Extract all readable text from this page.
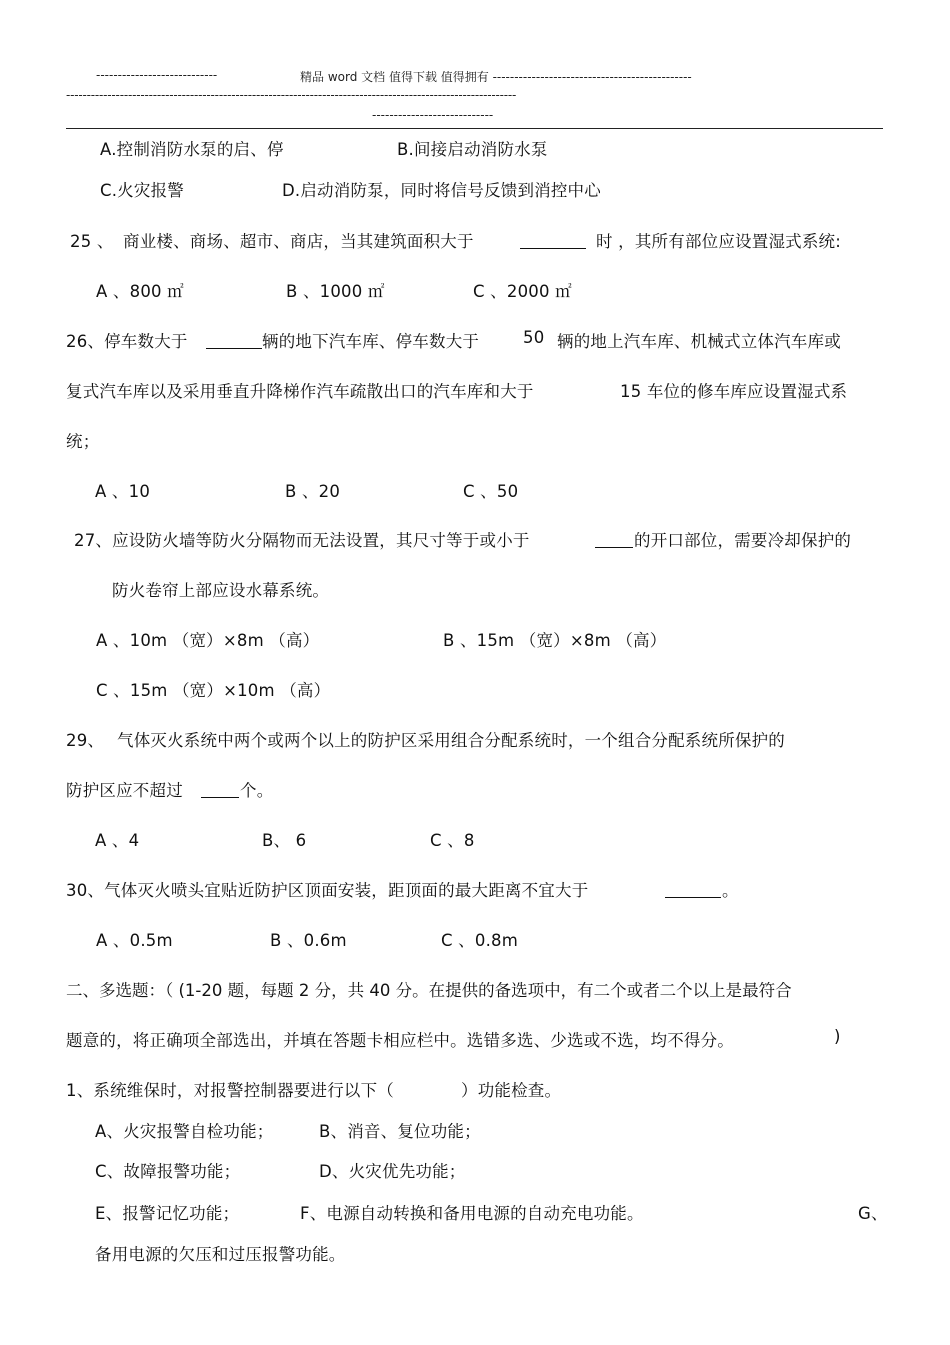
----------------------------	精品 word 文档 值得下载 值得拥有 ----------------------------------------------
-------------------------------------------------------------------------------------------------------------
----------------------------
A.控制消防水泵的启、停	B.间接启动消防水泵
C.火灾报警	D.启动消防泵，同时将信号反馈到消控中心
25 、 商业楼、商场、超市、商店，当其建筑面积大于	时 ，其所有部位应设置湿式系统:
A 、800 ㎡	B 、1000 ㎡	C 、2000 ㎡
26、停车数大于	辆的地下汽车库、停车数大于	50 辆的地上汽车库、机械式立体汽车库或
复式汽车库以及采用垂直升降梯作汽车疏散出口的汽车库和大于	15 车位的修车库应设置湿式系
统；
A 、10	B 、20	C 、50
27、应设防火墙等防火分隔物而无法设置，其尺寸等于或小于	的开口部位，需要冷却保护的
防火卷帘上部应设水幕系统。
A 、10m （宽）×8m （高）	B 、15m （宽）×8m （高）
C 、15m （宽）×10m （高）
29、 气体灭火系统中两个或两个以上的防护区采用组合分配系统时，一个组合分配系统所保护的
防护区应不超过	个。
A 、4	B、 6	C 、8
30、气体灭火喷头宜贴近防护区顶面安装，距顶面的最大距离不宜大于	。
A 、0.5m	B 、0.6m	C 、0.8m
二、多选题：（ (1-20 题，每题 2 分，共 40 分。在提供的备选项中，有二个或者二个以上是最符合
题意的，将正确项全部选出，并填在答题卡相应栏中。选错多选、少选或不选，均不得分。	)
1、系统维保时，对报警控制器要进行以下（	）功能检查。
A、火灾报警自检功能；	B、消音、复位功能；
C、故障报警功能；	D、火灾优先功能；
E、报警记忆功能；	F、电源自动转换和备用电源的自动充电功能。	G、
备用电源的欠压和过压报警功能。
